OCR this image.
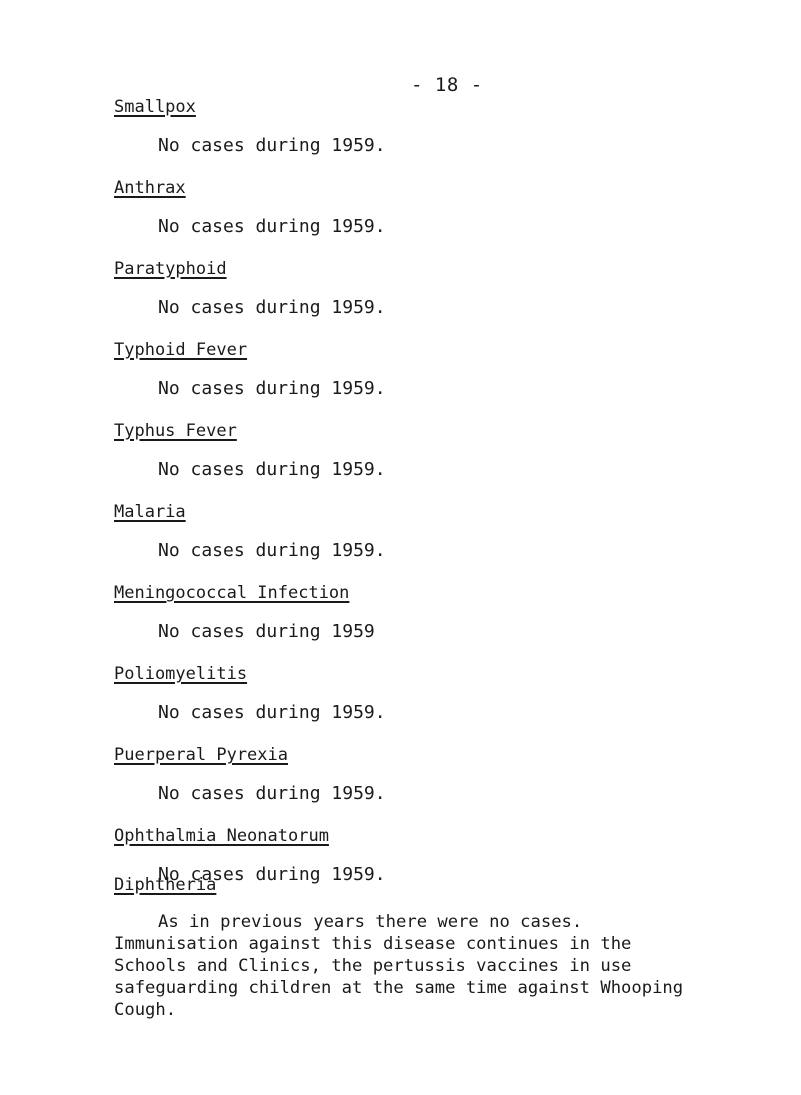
- 18 -
Smallpox
No cases during 1959.
Anthrax
No cases during 1959.
Paratyphoid
No cases during 1959.
Typhoid Fever
No cases during 1959.
Typhus Fever
No cases during 1959.
Malaria
No cases during 1959.
Meningococcal Infection
No cases during 1959
Poliomyelitis
No cases during 1959.
Puerperal Pyrexia
No cases during 1959.
Ophthalmia Neonatorum
No cases during 1959.
Diphtheria

As in previous years there were no cases. Immunisation against this disease continues in the Schools and Clinics, the pertussis vaccines in use safeguarding children at the same time against Whooping Cough.
